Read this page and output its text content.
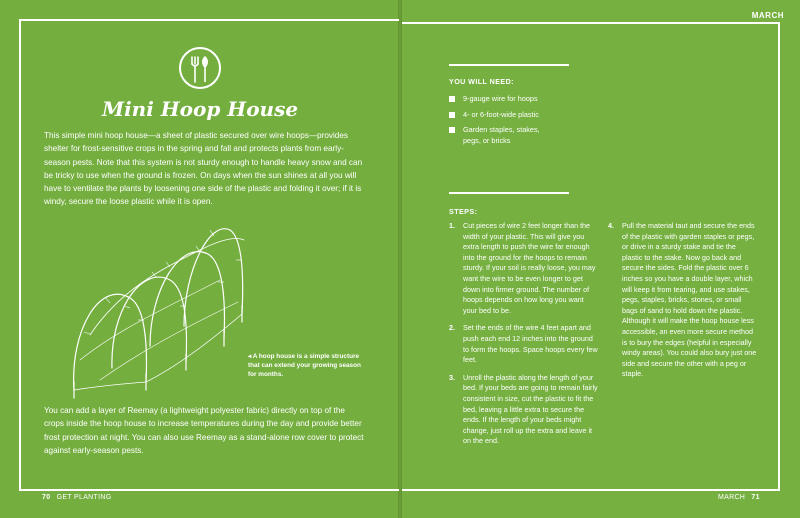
MARCH
Mini Hoop House
This simple mini hoop house—a sheet of plastic secured over wire hoops—provides shelter for frost-sensitive crops in the spring and fall and protects plants from early-season pests. Note that this system is not sturdy enough to handle heavy snow and can be tricky to use when the ground is frozen. On days when the sun shines at all you will have to ventilate the plants by loosening one side of the plastic and folding it over; if it is windy, secure the loose plastic while it is open.
◂ A hoop house is a simple structure that can extend your growing season for months.
You can add a layer of Reemay (a lightweight polyester fabric) directly on top of the crops inside the hoop house to increase temperatures during the day and provide better frost protection at night. You can also use Reemay as a stand-alone row cover to protect against early-season pests.
70 GET PLANTING
YOU WILL NEED:
9-gauge wire for hoops
4- or 6-foot-wide plastic
Garden staples, stakes, pegs, or bricks
STEPS:
1. Cut pieces of wire 2 feet longer than the width of your plastic. This will give you extra length to push the wire far enough into the ground for the hoops to remain sturdy. If your soil is really loose, you may want the wire to be even longer to get down into firmer ground. The number of hoops depends on how long you want your bed to be.
2. Set the ends of the wire 4 feet apart and push each end 12 inches into the ground to form the hoops. Space hoops every few feet.
3. Unroll the plastic along the length of your bed. If your beds are going to remain fairly consistent in size, cut the plastic to fit the bed, leaving a little extra to secure the ends. If the length of your beds might change, just roll up the extra and leave it on the end.
4. Pull the material taut and secure the ends of the plastic with garden staples or pegs, or drive in a sturdy stake and tie the plastic to the stake. Now go back and secure the sides. Fold the plastic over 6 inches so you have a double layer, which will keep it from tearing, and use stakes, pegs, staples, bricks, stones, or small bags of sand to hold down the plastic. Although it will make the hoop house less accessible, an even more secure method is to bury the edges (helpful in especially windy areas). You could also bury just one side and secure the other with a peg or staple.
MARCH 71
